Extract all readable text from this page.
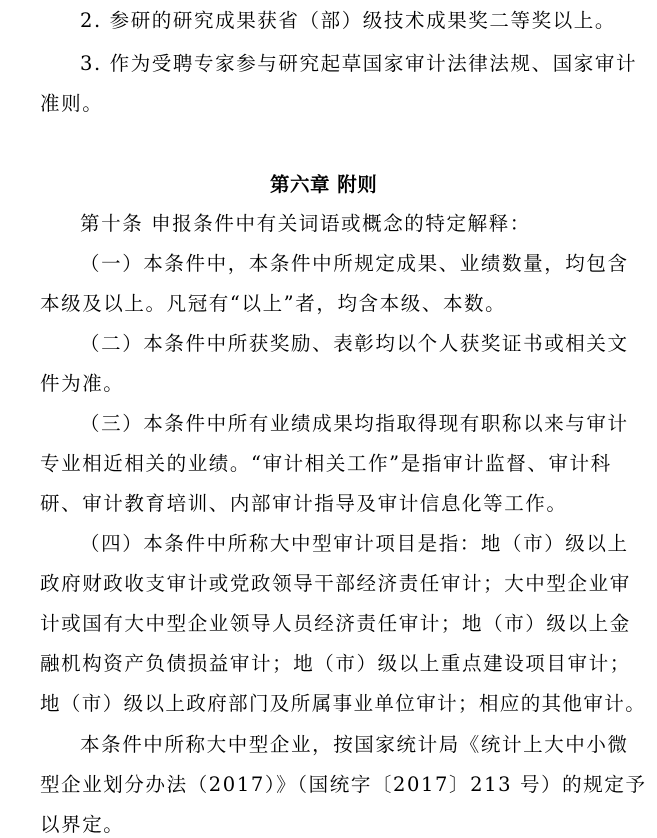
2. 参研的研究成果获省（部）级技术成果奖二等奖以上。
3. 作为受聘专家参与研究起草国家审计法律法规、国家审计
准则。
第六章 附则
第十条 申报条件中有关词语或概念的特定解释：
（一）本条件中，本条件中所规定成果、业绩数量，均包含
本级及以上。凡冠有“以上”者，均含本级、本数。
（二）本条件中所获奖励、表彰均以个人获奖证书或相关文
件为准。
（三）本条件中所有业绩成果均指取得现有职称以来与审计
专业相近相关的业绩。“审计相关工作”是指审计监督、审计科
研、审计教育培训、内部审计指导及审计信息化等工作。
（四）本条件中所称大中型审计项目是指：地（市）级以上
政府财政收支审计或党政领导干部经济责任审计；大中型企业审
计或国有大中型企业领导人员经济责任审计；地（市）级以上金
融机构资产负债损益审计；地（市）级以上重点建设项目审计；
地（市）级以上政府部门及所属事业单位审计；相应的其他审计。
本条件中所称大中型企业，按国家统计局《统计上大中小微
型企业划分办法（2017）》（国统字〔2017〕213 号）的规定予
以界定。
